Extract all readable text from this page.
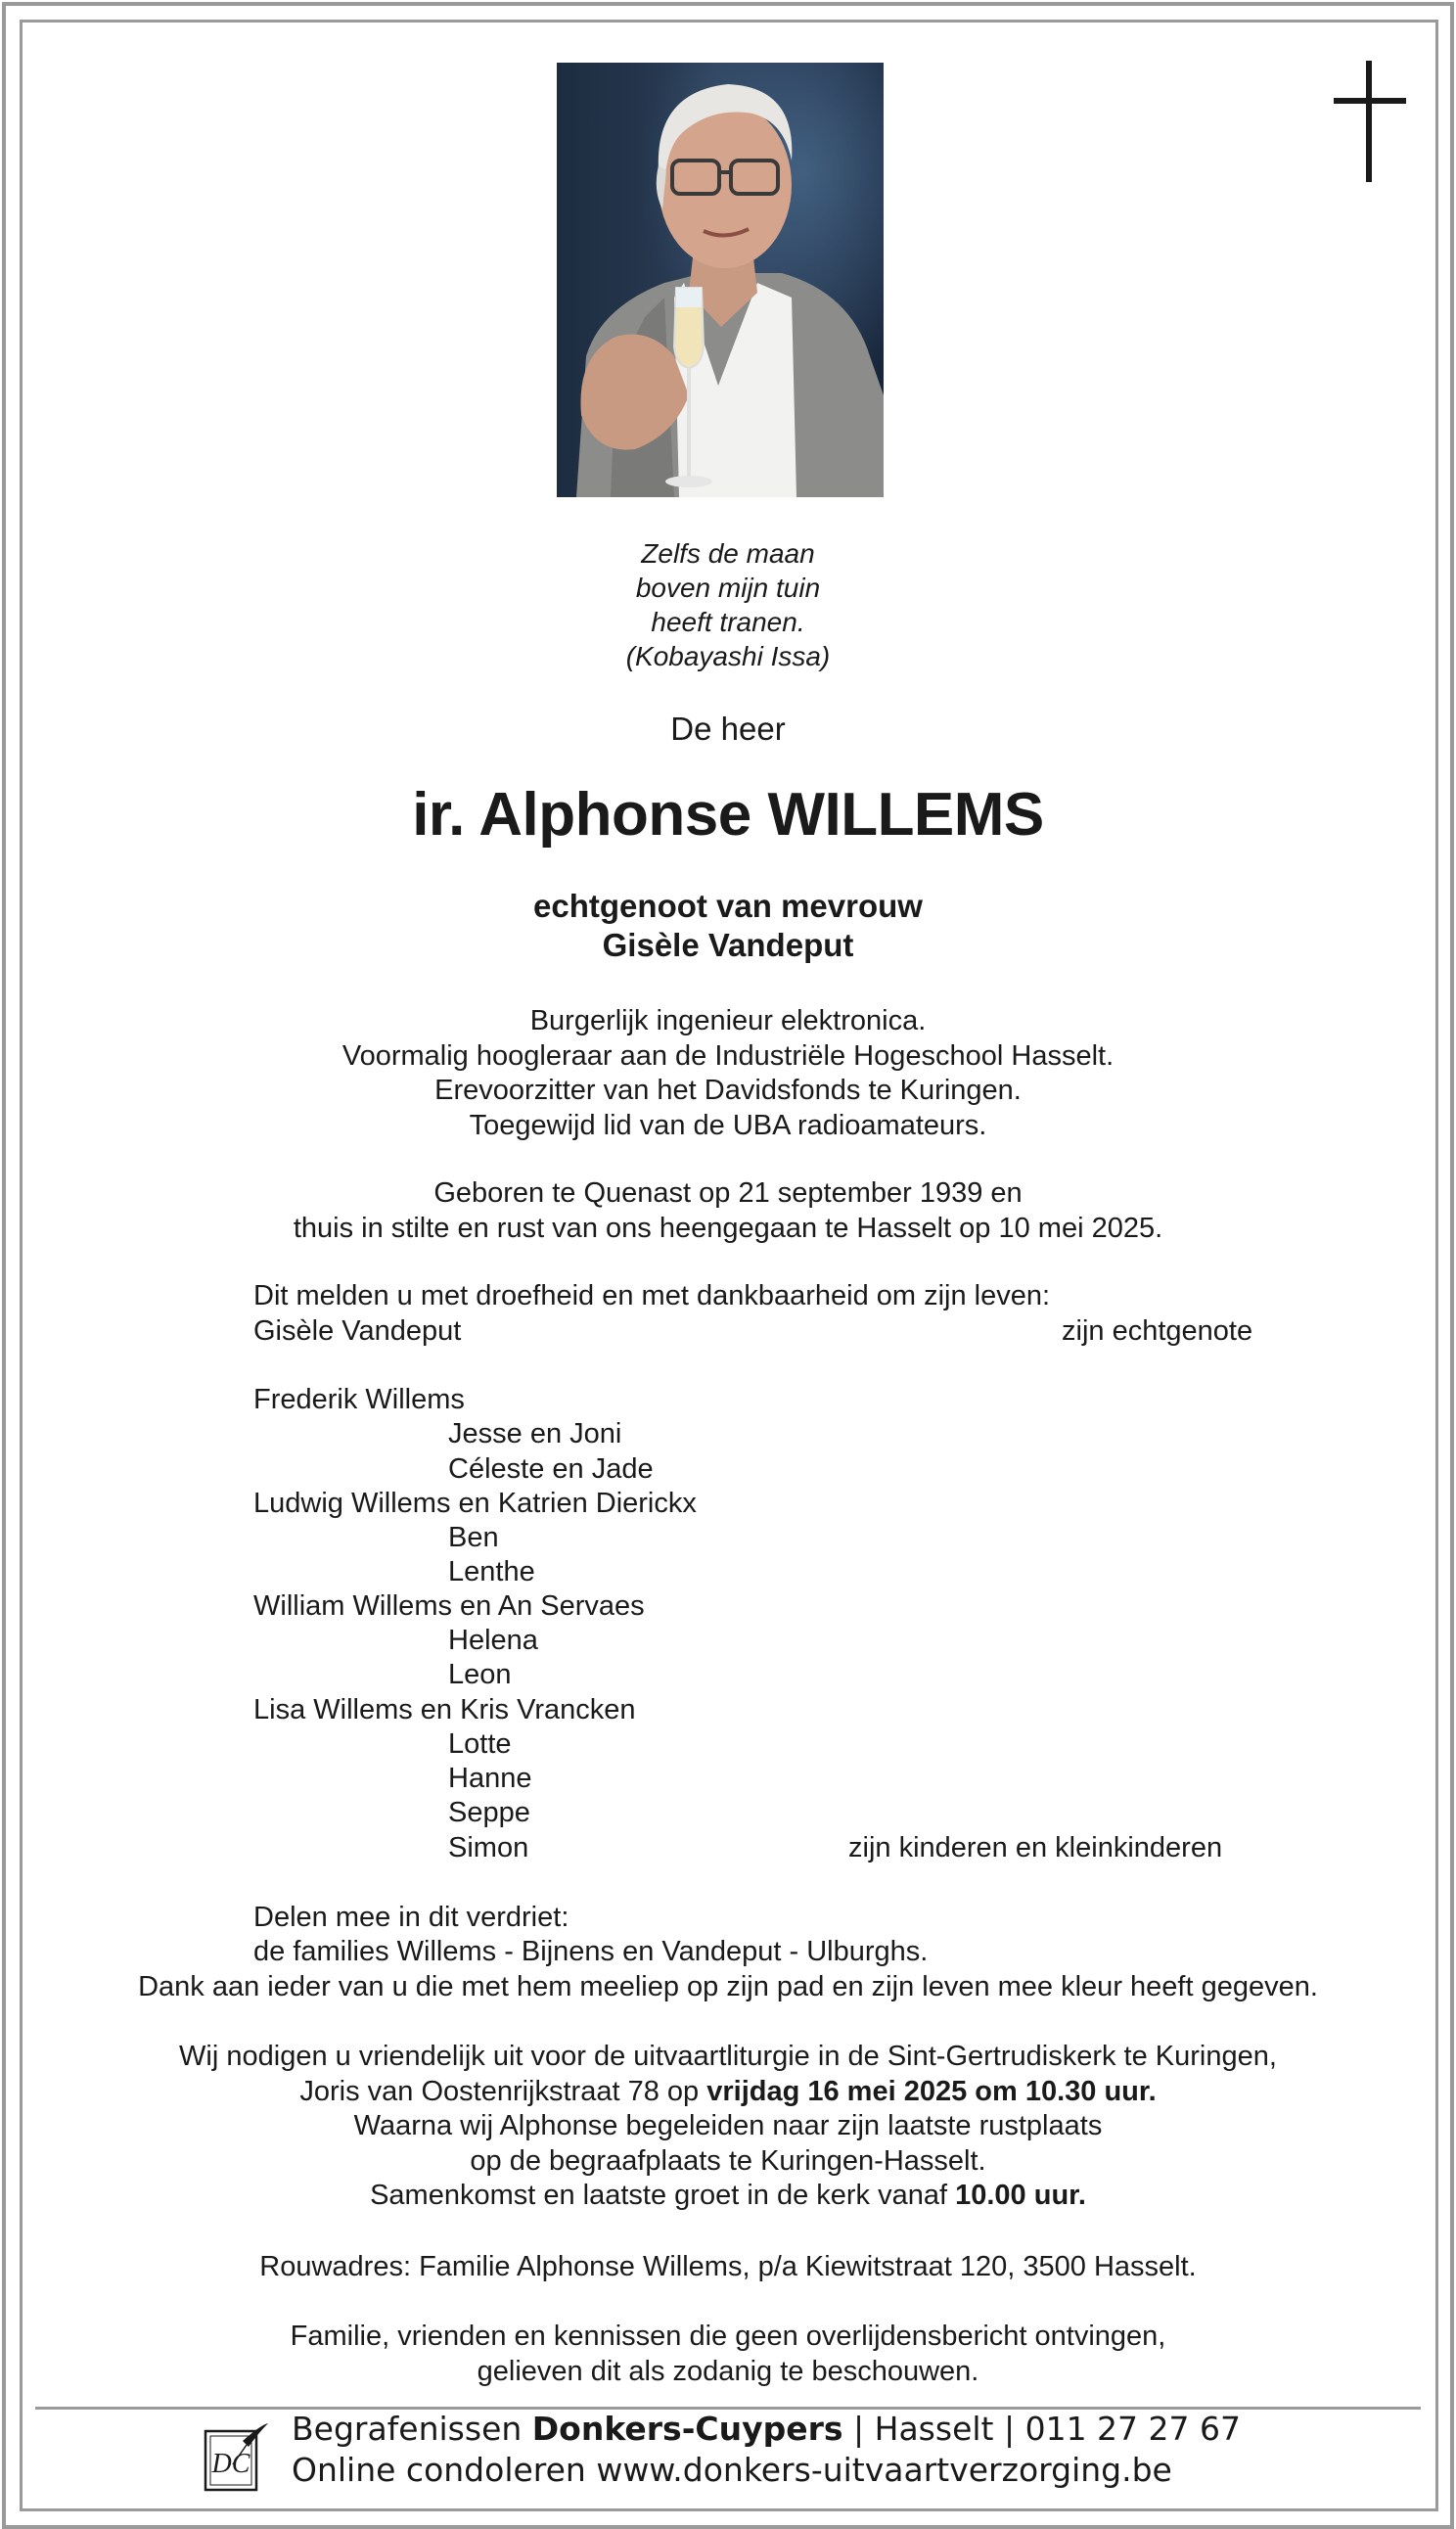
Zelfs de maan
boven mijn tuin
heeft tranen.
(Kobayashi Issa)
De heer
ir. Alphonse WILLEMS
echtgenoot van mevrouw
Gisèle Vandeput
Burgerlijk ingenieur elektronica.
Voormalig hoogleraar aan de Industriële Hogeschool Hasselt.
Erevoorzitter van het Davidsfonds te Kuringen.
Toegewijd lid van de UBA radioamateurs.
Geboren te Quenast op 21 september 1939 en
thuis in stilte en rust van ons heengegaan te Hasselt op 10 mei 2025.
Dit melden u met droefheid en met dankbaarheid om zijn leven:
Gisèle Vandeput	zijn echtgenote
Frederik Willems
Jesse en Joni
Céleste en Jade
Ludwig Willems en Katrien Dierickx
Ben
Lenthe
William Willems en An Servaes
Helena
Leon
Lisa Willems en Kris Vrancken
Lotte
Hanne
Seppe
Simon	zijn kinderen en kleinkinderen
Delen mee in dit verdriet:
de families Willems - Bijnens en Vandeput - Ulburghs.
Dank aan ieder van u die met hem meeliep op zijn pad en zijn leven mee kleur heeft gegeven.
Wij nodigen u vriendelijk uit voor de uitvaartliturgie in de Sint-Gertrudiskerk te Kuringen,
Joris van Oostenrijkstraat 78 op vrijdag 16 mei 2025 om 10.30 uur.
Waarna wij Alphonse begeleiden naar zijn laatste rustplaats
op de begraafplaats te Kuringen-Hasselt.
Samenkomst en laatste groet in de kerk vanaf 10.00 uur.
Rouwadres: Familie Alphonse Willems, p/a Kiewitstraat 120, 3500 Hasselt.
Familie, vrienden en kennissen die geen overlijdensbericht ontvingen,
gelieven dit als zodanig te beschouwen.
DC
Begrafenissen Donkers-Cuypers | Hasselt | 011 27 27 67
Online condoleren www.donkers-uitvaartverzorging.be
